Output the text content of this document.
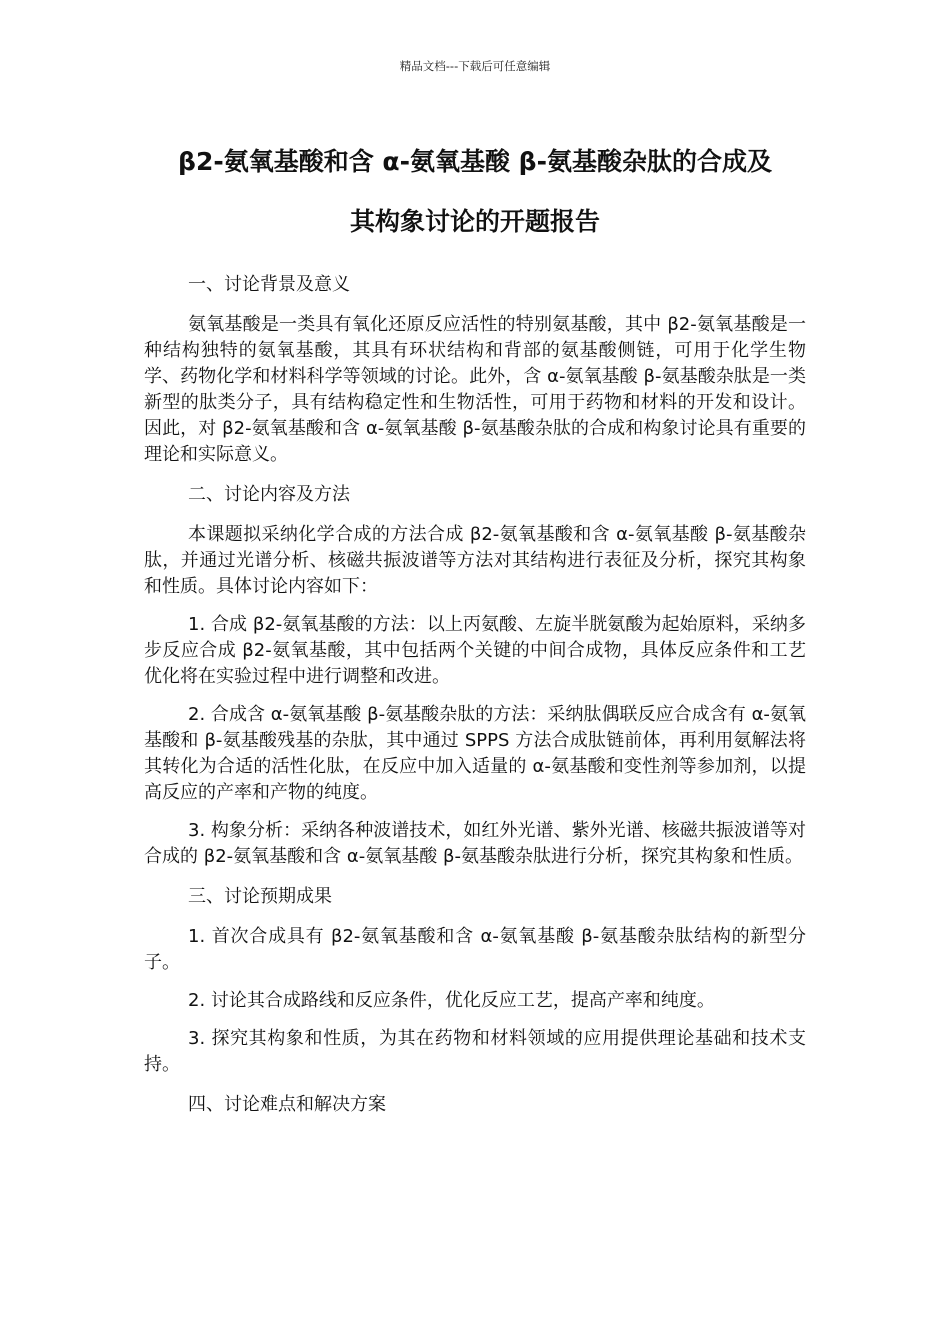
精品文档---下载后可任意编辑
β2-氨氧基酸和含 α-氨氧基酸 β-氨基酸杂肽的合成及
其构象讨论的开题报告
一、讨论背景及意义

氨氧基酸是一类具有氧化还原反应活性的特别氨基酸，其中 β2-氨氧基酸是一种结构独特的氨氧基酸，其具有环状结构和背部的氨基酸侧链，可用于化学生物学、药物化学和材料科学等领域的讨论。此外，含 α-氨氧基酸 β-氨基酸杂肽是一类新型的肽类分子，具有结构稳定性和生物活性，可用于药物和材料的开发和设计。因此，对 β2-氨氧基酸和含 α-氨氧基酸 β-氨基酸杂肽的合成和构象讨论具有重要的理论和实际意义。

二、讨论内容及方法

本课题拟采纳化学合成的方法合成 β2-氨氧基酸和含 α-氨氧基酸 β-氨基酸杂肽，并通过光谱分析、核磁共振波谱等方法对其结构进行表征及分析，探究其构象和性质。具体讨论内容如下：

1. 合成 β2-氨氧基酸的方法：以上丙氨酸、左旋半胱氨酸为起始原料，采纳多步反应合成 β2-氨氧基酸，其中包括两个关键的中间合成物，具体反应条件和工艺优化将在实验过程中进行调整和改进。

2. 合成含 α-氨氧基酸 β-氨基酸杂肽的方法：采纳肽偶联反应合成含有 α-氨氧基酸和 β-氨基酸残基的杂肽，其中通过 SPPS 方法合成肽链前体，再利用氨解法将其转化为合适的活性化肽，在反应中加入适量的 α-氨基酸和变性剂等参加剂，以提高反应的产率和产物的纯度。

3. 构象分析：采纳各种波谱技术，如红外光谱、紫外光谱、核磁共振波谱等对合成的 β2-氨氧基酸和含 α-氨氧基酸 β-氨基酸杂肽进行分析，探究其构象和性质。

三、讨论预期成果

1. 首次合成具有 β2-氨氧基酸和含 α-氨氧基酸 β-氨基酸杂肽结构的新型分子。

2. 讨论其合成路线和反应条件，优化反应工艺，提高产率和纯度。

3. 探究其构象和性质，为其在药物和材料领域的应用提供理论基础和技术支持。

四、讨论难点和解决方案
